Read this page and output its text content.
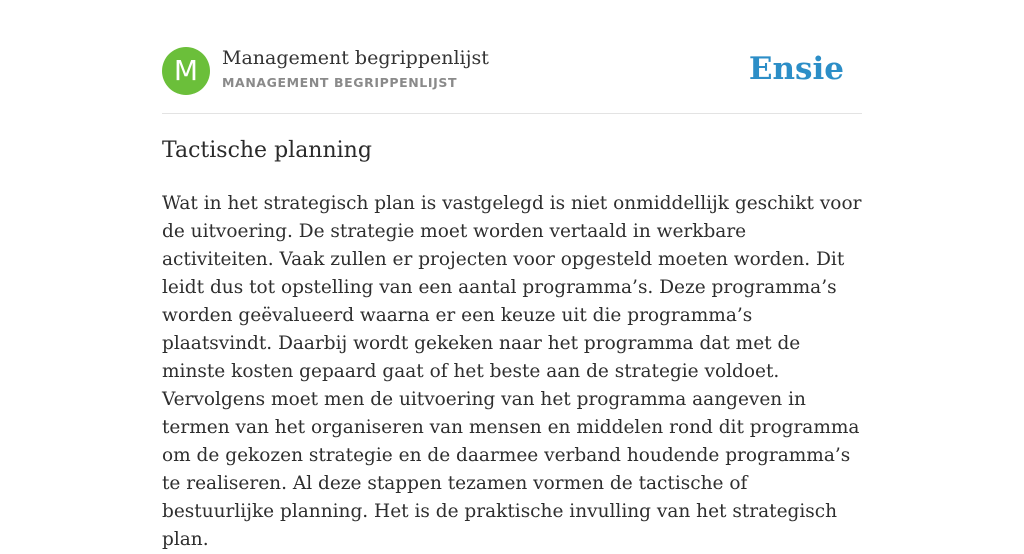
M	Management begrippenlijst
MANAGEMENT BEGRIPPENLIJST	Ensie
Tactische planning

Wat in het strategisch plan is vastgelegd is niet onmiddellijk geschikt voor de uitvoering. De strategie moet worden vertaald in werkbare activiteiten. Vaak zullen er projecten voor opgesteld moeten worden. Dit leidt dus tot opstelling van een aantal programma’s. Deze programma’s worden geëvalueerd waarna er een keuze uit die programma’s plaatsvindt. Daarbij wordt gekeken naar het programma dat met de minste kosten gepaard gaat of het beste aan de strategie voldoet. Vervolgens moet men de uitvoering van het programma aangeven in termen van het organiseren van mensen en middelen rond dit programma om de gekozen strategie en de daarmee verband houdende programma’s te realiseren. Al deze stappen tezamen vormen de tactische of bestuurlijke planning. Het is de praktische invulling van het strategisch plan.
